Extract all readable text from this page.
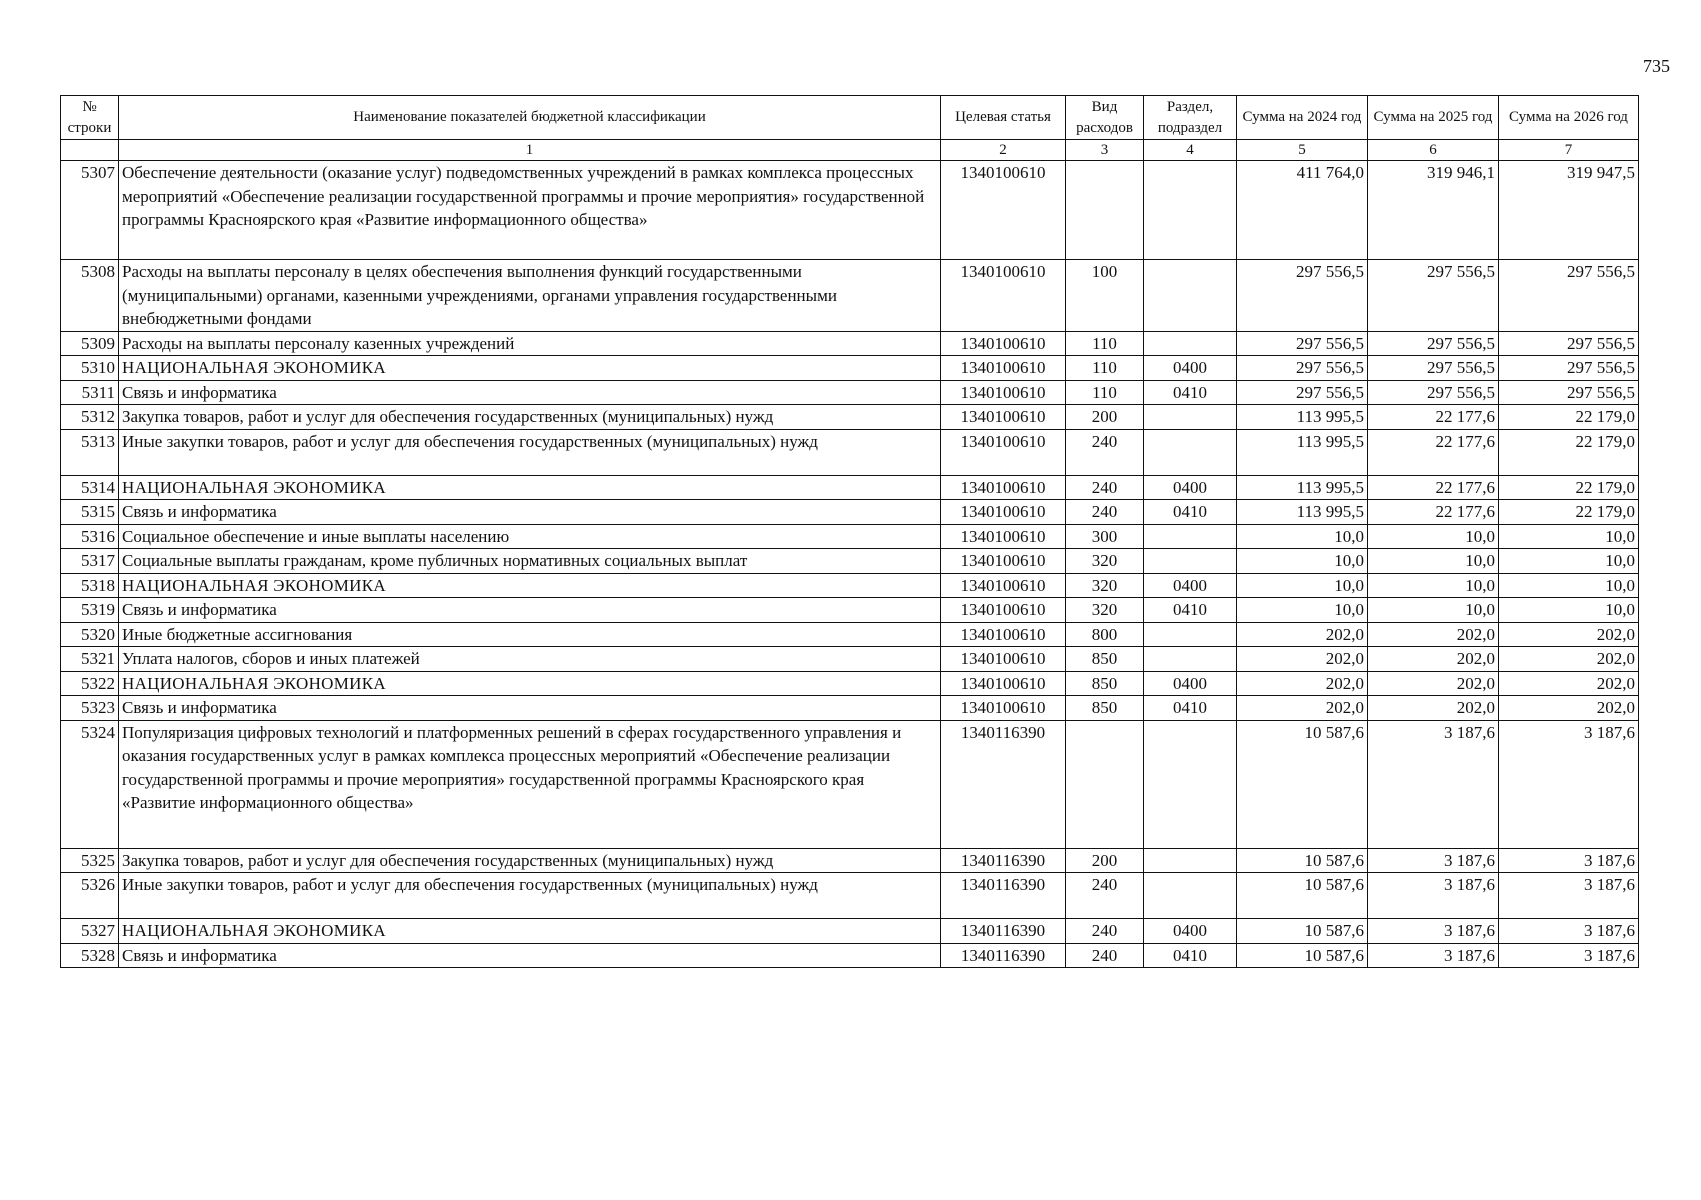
735
№ строки	Наименование показателей бюджетной классификации	Целевая статья	Вид расходов	Раздел, подраздел	Сумма на 2024 год	Сумма на 2025 год	Сумма на 2026 год
	1	2	3	4	5	6	7
5307	Обеспечение деятельности (оказание услуг) подведомственных учреждений в рамках комплекса процессных мероприятий «Обеспечение реализации государственной программы и прочие мероприятия» государственной программы Красноярского края «Развитие информационного общества»	1340100610			411 764,0	319 946,1	319 947,5
5308	Расходы на выплаты персоналу в целях обеспечения выполнения функций государственными (муниципальными) органами, казенными учреждениями, органами управления государственными внебюджетными фондами	1340100610	100		297 556,5	297 556,5	297 556,5
5309	Расходы на выплаты персоналу казенных учреждений	1340100610	110		297 556,5	297 556,5	297 556,5
5310	НАЦИОНАЛЬНАЯ ЭКОНОМИКА	1340100610	110	0400	297 556,5	297 556,5	297 556,5
5311	Связь и информатика	1340100610	110	0410	297 556,5	297 556,5	297 556,5
5312	Закупка товаров, работ и услуг для обеспечения государственных (муниципальных) нужд	1340100610	200		113 995,5	22 177,6	22 179,0
5313	Иные закупки товаров, работ и услуг для обеспечения государственных (муниципальных) нужд	1340100610	240		113 995,5	22 177,6	22 179,0
5314	НАЦИОНАЛЬНАЯ ЭКОНОМИКА	1340100610	240	0400	113 995,5	22 177,6	22 179,0
5315	Связь и информатика	1340100610	240	0410	113 995,5	22 177,6	22 179,0
5316	Социальное обеспечение и иные выплаты населению	1340100610	300		10,0	10,0	10,0
5317	Социальные выплаты гражданам, кроме публичных нормативных социальных выплат	1340100610	320		10,0	10,0	10,0
5318	НАЦИОНАЛЬНАЯ ЭКОНОМИКА	1340100610	320	0400	10,0	10,0	10,0
5319	Связь и информатика	1340100610	320	0410	10,0	10,0	10,0
5320	Иные бюджетные ассигнования	1340100610	800		202,0	202,0	202,0
5321	Уплата налогов, сборов и иных платежей	1340100610	850		202,0	202,0	202,0
5322	НАЦИОНАЛЬНАЯ ЭКОНОМИКА	1340100610	850	0400	202,0	202,0	202,0
5323	Связь и информатика	1340100610	850	0410	202,0	202,0	202,0
5324	Популяризация цифровых технологий и платформенных решений в сферах государственного управления и оказания государственных услуг в рамках комплекса процессных мероприятий «Обеспечение реализации государственной программы и прочие мероприятия» государственной программы Красноярского края «Развитие информационного общества»	1340116390			10 587,6	3 187,6	3 187,6
5325	Закупка товаров, работ и услуг для обеспечения государственных (муниципальных) нужд	1340116390	200		10 587,6	3 187,6	3 187,6
5326	Иные закупки товаров, работ и услуг для обеспечения государственных (муниципальных) нужд	1340116390	240		10 587,6	3 187,6	3 187,6
5327	НАЦИОНАЛЬНАЯ ЭКОНОМИКА	1340116390	240	0400	10 587,6	3 187,6	3 187,6
5328	Связь и информатика	1340116390	240	0410	10 587,6	3 187,6	3 187,6
